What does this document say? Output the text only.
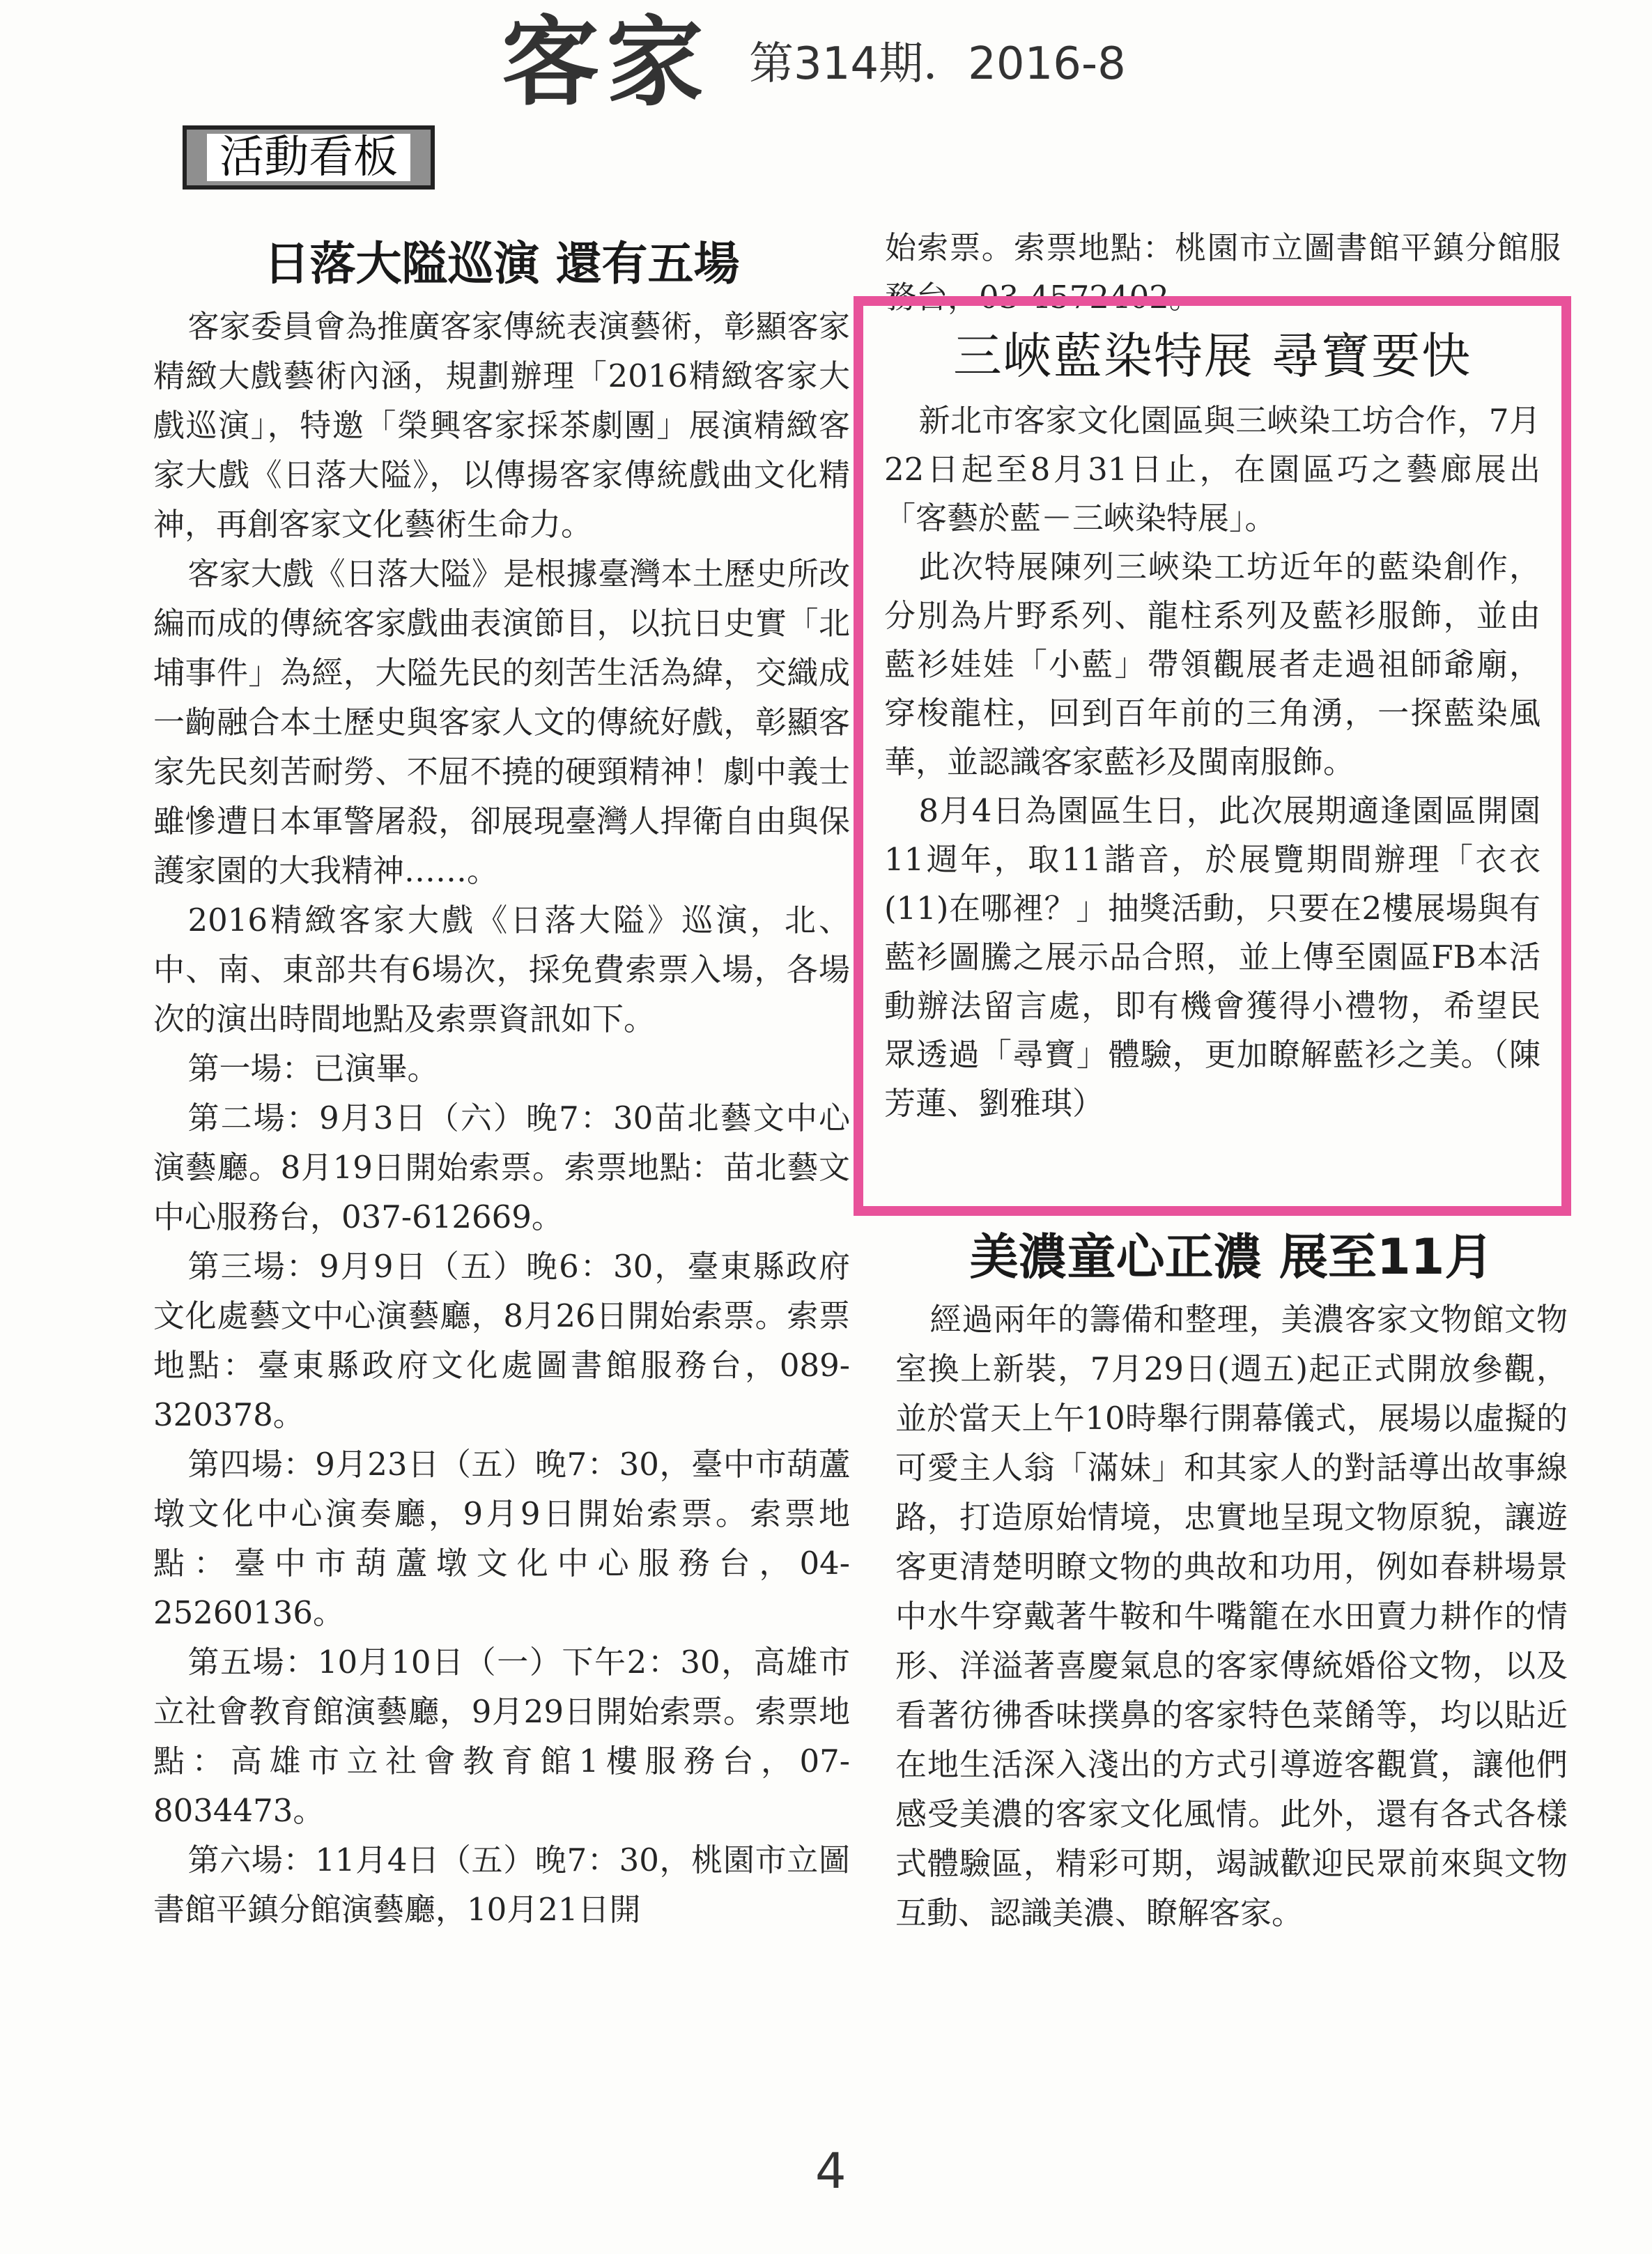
客家 第314期．2016-8
活動看板
日落大隘巡演 還有五場

客家委員會為推廣客家傳統表演藝術，彰顯客家精緻大戲藝術內涵，規劃辦理「2016精緻客家大戲巡演」，特邀「榮興客家採茶劇團」展演精緻客家大戲《日落大隘》，以傳揚客家傳統戲曲文化精神，再創客家文化藝術生命力。

客家大戲《日落大隘》是根據臺灣本土歷史所改編而成的傳統客家戲曲表演節目，以抗日史實「北埔事件」為經，大隘先民的刻苦生活為緯，交織成一齣融合本土歷史與客家人文的傳統好戲，彰顯客家先民刻苦耐勞、不屈不撓的硬頸精神！劇中義士雖慘遭日本軍警屠殺，卻展現臺灣人捍衛自由與保護家園的大我精神……。

2016精緻客家大戲《日落大隘》巡演，北、中、南、東部共有6場次，採免費索票入場，各場次的演出時間地點及索票資訊如下。

第一場：已演畢。

第二場：9月3日（六）晚7：30苗北藝文中心演藝廳。8月19日開始索票。索票地點：苗北藝文中心服務台，037-612669。

第三場：9月9日（五）晚6：30，臺東縣政府文化處藝文中心演藝廳，8月26日開始索票。索票地點：臺東縣政府文化處圖書館服務台，089-320378。

第四場：9月23日（五）晚7：30，臺中市葫蘆墩文化中心演奏廳，9月9日開始索票。索票地點：臺中市葫蘆墩文化中心服務台，04-25260136。

第五場：10月10日（一）下午2：30，高雄市立社會教育館演藝廳，9月29日開始索票。索票地點：高雄市立社會教育館1樓服務台，07-8034473。

第六場：11月4日（五）晚7：30，桃園市立圖書館平鎮分館演藝廳，10月21日開

始索票。索票地點：桃園市立圖書館平鎮分館服務台，03-4572402。

三峽藍染特展 尋寶要快

新北市客家文化園區與三峽染工坊合作，7月22日起至8月31日止，在園區巧之藝廊展出「客藝於藍－三峽染特展」。

此次特展陳列三峽染工坊近年的藍染創作，分別為片野系列、龍柱系列及藍衫服飾，並由藍衫娃娃「小藍」帶領觀展者走過祖師爺廟，穿梭龍柱，回到百年前的三角湧，一探藍染風華，並認識客家藍衫及閩南服飾。

8月4日為園區生日，此次展期適逢園區開園11週年，取11諧音，於展覽期間辦理「衣衣(11)在哪裡？」抽獎活動，只要在2樓展場與有藍衫圖騰之展示品合照，並上傳至園區FB本活動辦法留言處，即有機會獲得小禮物，希望民眾透過「尋寶」體驗，更加瞭解藍衫之美。（陳芳蓮、劉雅琪）

美濃童心正濃 展至11月

經過兩年的籌備和整理，美濃客家文物館文物室換上新裝，7月29日(週五)起正式開放參觀，並於當天上午10時舉行開幕儀式，展場以虛擬的可愛主人翁「滿妹」和其家人的對話導出故事線路，打造原始情境，忠實地呈現文物原貌，讓遊客更清楚明瞭文物的典故和功用，例如春耕場景中水牛穿戴著牛鞍和牛嘴籠在水田賣力耕作的情形、洋溢著喜慶氣息的客家傳統婚俗文物，以及看著彷彿香味撲鼻的客家特色菜餚等，均以貼近在地生活深入淺出的方式引導遊客觀賞，讓他們感受美濃的客家文化風情。此外，還有各式各樣式體驗區，精彩可期，竭誠歡迎民眾前來與文物互動、認識美濃、瞭解客家。

4
